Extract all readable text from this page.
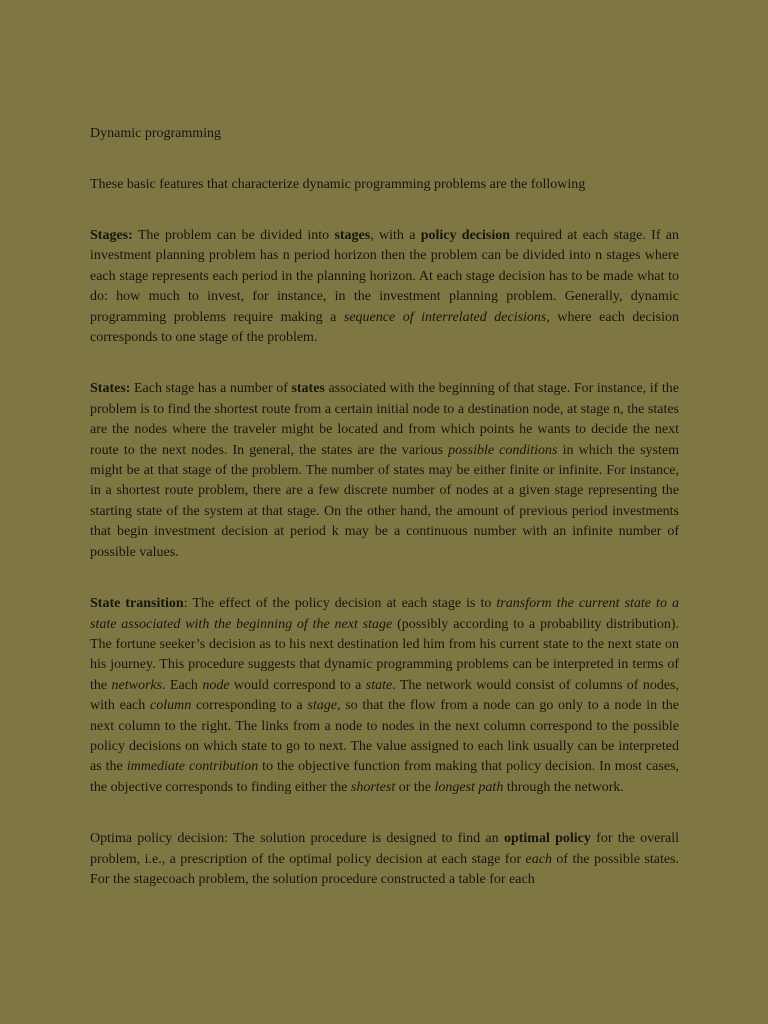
Dynamic programming
These basic features that characterize dynamic programming problems are the following

Stages: The problem can be divided into stages, with a policy decision required at each stage. If an investment planning problem has n period horizon then the problem can be divided into n stages where each stage represents each period in the planning horizon. At each stage decision has to be made what to do: how much to invest, for instance, in the investment planning problem. Generally, dynamic programming problems require making a sequence of interrelated decisions, where each decision corresponds to one stage of the problem.

States: Each stage has a number of states associated with the beginning of that stage. For instance, if the problem is to find the shortest route from a certain initial node to a destination node, at stage n, the states are the nodes where the traveler might be located and from which points he wants to decide the next route to the next nodes. In general, the states are the various possible conditions in which the system might be at that stage of the problem. The number of states may be either finite or infinite. For instance, in a shortest route problem, there are a few discrete number of nodes at a given stage representing the starting state of the system at that stage. On the other hand, the amount of previous period investments that begin investment decision at period k may be a continuous number with an infinite number of possible values.

State transition: The effect of the policy decision at each stage is to transform the current state to a state associated with the beginning of the next stage (possibly according to a probability distribution). The fortune seeker’s decision as to his next destination led him from his current state to the next state on his journey. This procedure suggests that dynamic programming problems can be interpreted in terms of the networks. Each node would correspond to a state. The network would consist of columns of nodes, with each column corresponding to a stage, so that the flow from a node can go only to a node in the next column to the right. The links from a node to nodes in the next column correspond to the possible policy decisions on which state to go to next. The value assigned to each link usually can be interpreted as the immediate contribution to the objective function from making that policy decision. In most cases, the objective corresponds to finding either the shortest or the longest path through the network.

Optima policy decision: The solution procedure is designed to find an optimal policy for the overall problem, i.e., a prescription of the optimal policy decision at each stage for each of the possible states. For the stagecoach problem, the solution procedure constructed a table for each
